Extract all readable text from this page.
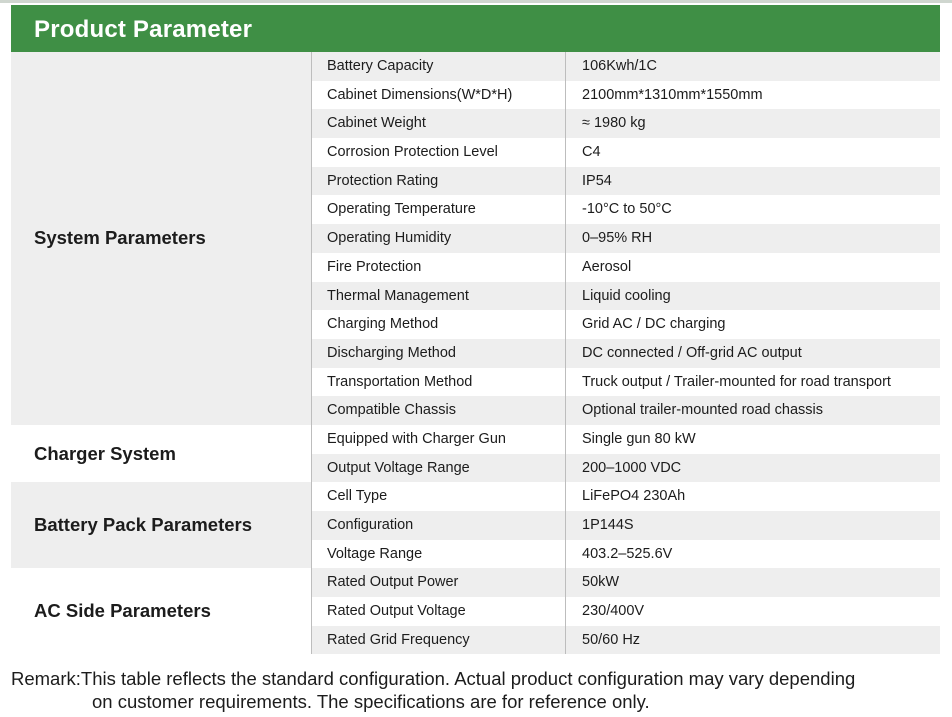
Product Parameter
System Parameters
Battery Capacity	106Kwh/1C
Cabinet Dimensions(W*D*H)	2100mm*1310mm*1550mm
Cabinet Weight	≈ 1980 kg
Corrosion Protection Level	C4
Protection Rating	IP54
Operating Temperature	-10°C to 50°C
Operating Humidity	0–95% RH
Fire Protection	Aerosol
Thermal Management	Liquid cooling
Charging Method	Grid AC / DC charging
Discharging Method	DC connected / Off-grid AC output
Transportation Method	Truck output / Trailer-mounted for road transport
Compatible Chassis	Optional trailer-mounted road chassis
Charger System
Equipped with Charger Gun	Single gun 80 kW
Output Voltage Range	200–1000 VDC
Battery Pack Parameters
Cell Type	LiFePO4 230Ah
Configuration	1P144S
Voltage Range	403.2–525.6V
AC Side Parameters
Rated Output Power	50kW
Rated Output Voltage	230/400V
Rated Grid Frequency	50/60 Hz
Remark:This table reflects the standard configuration. Actual product configuration may vary depending
on customer requirements. The specifications are for reference only.
